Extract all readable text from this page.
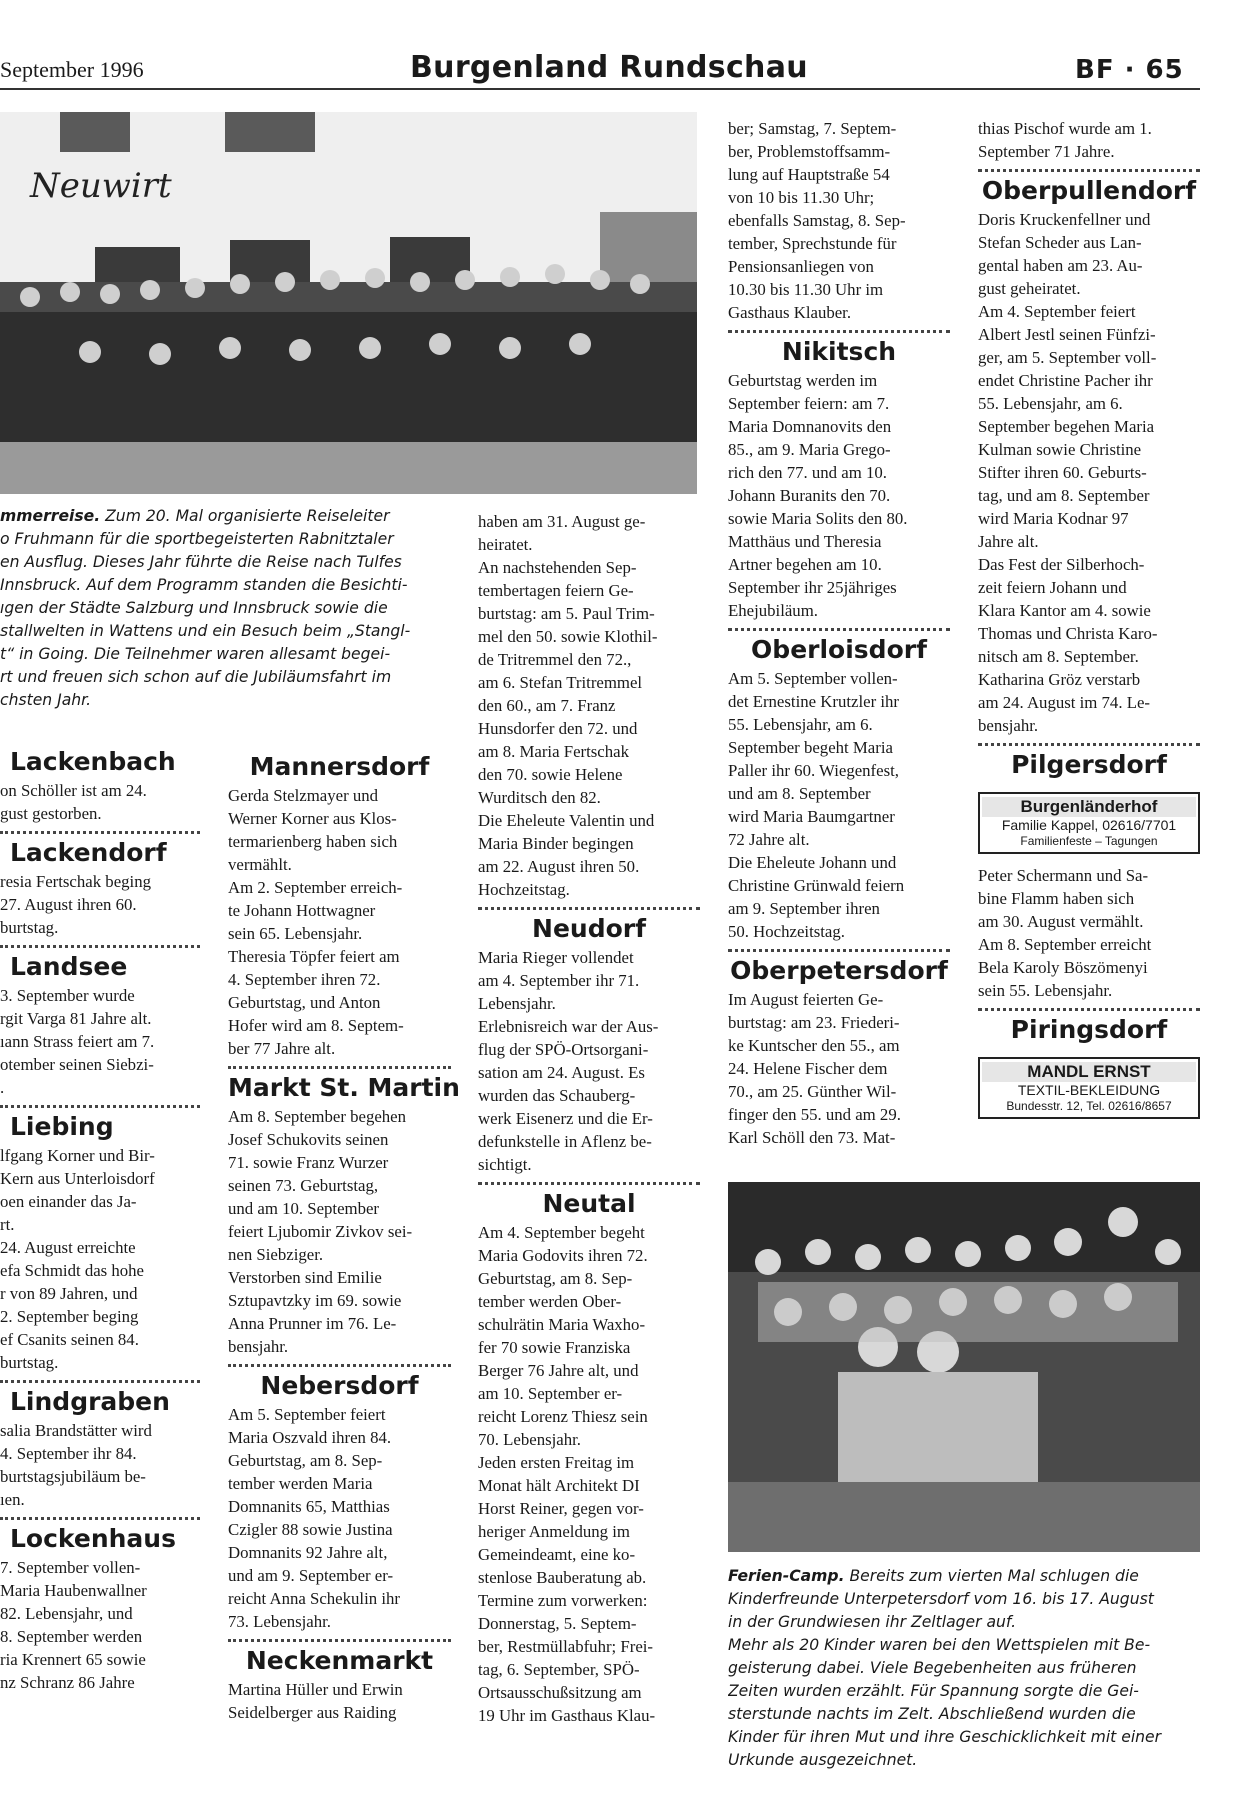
September 1996	Burgenland Rundschau	BF · 65
Neuwirt
mmerreise. Zum 20. Mal organisierte Reiseleiter
o Fruhmann für die sportbegeisterten Rabnitztaler
en Ausflug. Dieses Jahr führte die Reise nach Tulfes
Innsbruck. Auf dem Programm standen die Besichti-
ıgen der Städte Salzburg und Innsbruck sowie die
stallwelten in Wattens und ein Besuch beim „Stangl-
t“ in Going. Die Teilnehmer waren allesamt begei-
rt und freuen sich schon auf die Jubiläumsfahrt im
chsten Jahr.
Lackenbach
on Schöller ist am 24.
gust gestorben.
Lackendorf
resia Fertschak beging
27. August ihren 60.
burtstag.
Landsee
3. September wurde
rgit Varga 81 Jahre alt.
ıann Strass feiert am 7.
otember seinen Siebzi-
.
Liebing
lfgang Korner und Bir-
Kern aus Unterloisdorf
oen einander das Ja-
rt.
24. August erreichte
efa Schmidt das hohe
r von 89 Jahren, und
2. September beging
ef Csanits seinen 84.
burtstag.
Lindgraben
salia Brandstätter wird
4. September ihr 84.
burtstagsjubiläum be-
ıen.
Lockenhaus
7. September vollen-
Maria Haubenwallner
82. Lebensjahr, und
8. September werden
ria Krennert 65 sowie
nz Schranz 86 Jahre
Mannersdorf
Gerda Stelzmayer und
Werner Korner aus Klos-
termarienberg haben sich
vermählt.
Am 2. September erreich-
te Johann Hottwagner
sein 65. Lebensjahr.
Theresia Töpfer feiert am
4. September ihren 72.
Geburtstag, und Anton
Hofer wird am 8. Septem-
ber 77 Jahre alt.
Markt St. Martin
Am 8. September begehen
Josef Schukovits seinen
71. sowie Franz Wurzer
seinen 73. Geburtstag,
und am 10. September
feiert Ljubomir Zivkov sei-
nen Siebziger.
Verstorben sind Emilie
Sztupavtzky im 69. sowie
Anna Prunner im 76. Le-
bensjahr.
Nebersdorf
Am 5. September feiert
Maria Oszvald ihren 84.
Geburtstag, am 8. Sep-
tember werden Maria
Domnanits 65, Matthias
Czigler 88 sowie Justina
Domnanits 92 Jahre alt,
und am 9. September er-
reicht Anna Schekulin ihr
73. Lebensjahr.
Neckenmarkt
Martina Hüller und Erwin
Seidelberger aus Raiding
haben am 31. August ge-
heiratet.
An nachstehenden Sep-
tembertagen feiern Ge-
burtstag: am 5. Paul Trim-
mel den 50. sowie Klothil-
de Tritremmel den 72.,
am 6. Stefan Tritremmel
den 60., am 7. Franz
Hunsdorfer den 72. und
am 8. Maria Fertschak
den 70. sowie Helene
Wurditsch den 82.
Die Eheleute Valentin und
Maria Binder begingen
am 22. August ihren 50.
Hochzeitstag.
Neudorf
Maria Rieger vollendet
am 4. September ihr 71.
Lebensjahr.
Erlebnisreich war der Aus-
flug der SPÖ-Ortsorgani-
sation am 24. August. Es
wurden das Schauberg-
werk Eisenerz und die Er-
defunkstelle in Aflenz be-
sichtigt.
Neutal
Am 4. September begeht
Maria Godovits ihren 72.
Geburtstag, am 8. Sep-
tember werden Ober-
schulrätin Maria Waxho-
fer 70 sowie Franziska
Berger 76 Jahre alt, und
am 10. September er-
reicht Lorenz Thiesz sein
70. Lebensjahr.
Jeden ersten Freitag im
Monat hält Architekt DI
Horst Reiner, gegen vor-
heriger Anmeldung im
Gemeindeamt, eine ko-
stenlose Bauberatung ab.
Termine zum vorwerken:
Donnerstag, 5. Septem-
ber, Restmüllabfuhr; Frei-
tag, 6. September, SPÖ-
Ortsausschußsitzung am
19 Uhr im Gasthaus Klau-
ber; Samstag, 7. Septem-
ber, Problemstoffsamm-
lung auf Hauptstraße 54
von 10 bis 11.30 Uhr;
ebenfalls Samstag, 8. Sep-
tember, Sprechstunde für
Pensionsanliegen von
10.30 bis 11.30 Uhr im
Gasthaus Klauber.
Nikitsch
Geburtstag werden im
September feiern: am 7.
Maria Domnanovits den
85., am 9. Maria Grego-
rich den 77. und am 10.
Johann Buranits den 70.
sowie Maria Solits den 80.
Matthäus und Theresia
Artner begehen am 10.
September ihr 25jähriges
Ehejubiläum.
Oberloisdorf
Am 5. September vollen-
det Ernestine Krutzler ihr
55. Lebensjahr, am 6.
September begeht Maria
Paller ihr 60. Wiegenfest,
und am 8. September
wird Maria Baumgartner
72 Jahre alt.
Die Eheleute Johann und
Christine Grünwald feiern
am 9. September ihren
50. Hochzeitstag.
Oberpetersdorf
Im August feierten Ge-
burtstag: am 23. Friederi-
ke Kuntscher den 55., am
24. Helene Fischer dem
70., am 25. Günther Wil-
finger den 55. und am 29.
Karl Schöll den 73. Mat-
thias Pischof wurde am 1.
September 71 Jahre.
Oberpullendorf
Doris Kruckenfellner und
Stefan Scheder aus Lan-
gental haben am 23. Au-
gust geheiratet.
Am 4. September feiert
Albert Jestl seinen Fünfzi-
ger, am 5. September voll-
endet Christine Pacher ihr
55. Lebensjahr, am 6.
September begehen Maria
Kulman sowie Christine
Stifter ihren 60. Geburts-
tag, und am 8. September
wird Maria Kodnar 97
Jahre alt.
Das Fest der Silberhoch-
zeit feiern Johann und
Klara Kantor am 4. sowie
Thomas und Christa Karo-
nitsch am 8. September.
Katharina Gröz verstarb
am 24. August im 74. Le-
bensjahr.
Pilgersdorf
Burgenländerhof
Familie Kappel, 02616/7701
Familienfeste – Tagungen
Peter Schermann und Sa-
bine Flamm haben sich
am 30. August vermählt.
Am 8. September erreicht
Bela Karoly Böszömenyi
sein 55. Lebensjahr.
Piringsdorf
MANDL ERNST
TEXTIL-BEKLEIDUNG
Bundesstr. 12, Tel. 02616/8657
Ferien-Camp. Bereits zum vierten Mal schlugen die
Kinderfreunde Unterpetersdorf vom 16. bis 17. August
in der Grundwiesen ihr Zeltlager auf.
Mehr als 20 Kinder waren bei den Wettspielen mit Be-
geisterung dabei. Viele Begebenheiten aus früheren
Zeiten wurden erzählt. Für Spannung sorgte die Gei-
sterstunde nachts im Zelt. Abschließend wurden die
Kinder für ihren Mut und ihre Geschicklichkeit mit einer
Urkunde ausgezeichnet.
